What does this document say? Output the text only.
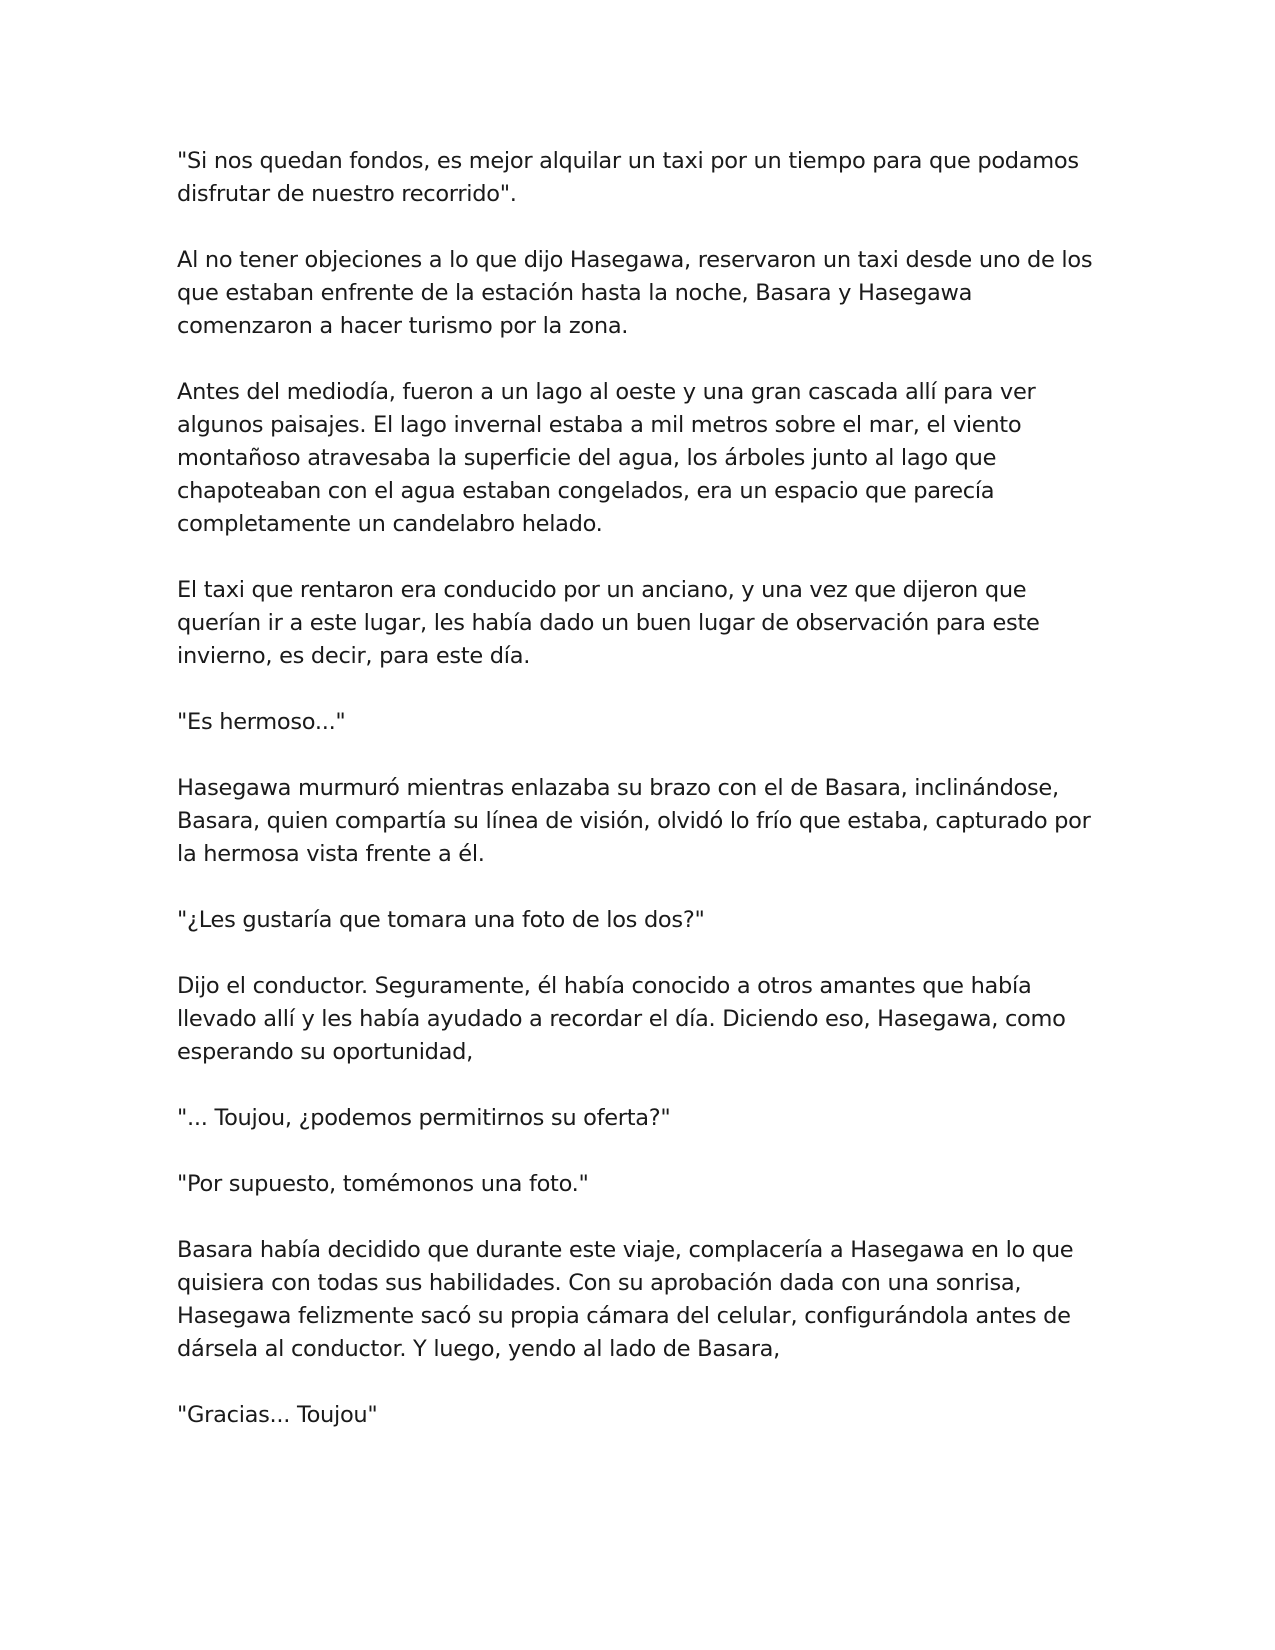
"Si nos quedan fondos, es mejor alquilar un taxi por un tiempo para que podamos
disfrutar de nuestro recorrido".

Al no tener objeciones a lo que dijo Hasegawa, reservaron un taxi desde uno de los
que estaban enfrente de la estación hasta la noche, Basara y Hasegawa
comenzaron a hacer turismo por la zona.

Antes del mediodía, fueron a un lago al oeste y una gran cascada allí para ver
algunos paisajes. El lago invernal estaba a mil metros sobre el mar, el viento
montañoso atravesaba la superficie del agua, los árboles junto al lago que
chapoteaban con el agua estaban congelados, era un espacio que parecía
completamente un candelabro helado.

El taxi que rentaron era conducido por un anciano, y una vez que dijeron que
querían ir a este lugar, les había dado un buen lugar de observación para este
invierno, es decir, para este día.

"Es hermoso..."

Hasegawa murmuró mientras enlazaba su brazo con el de Basara, inclinándose,
Basara, quien compartía su línea de visión, olvidó lo frío que estaba, capturado por
la hermosa vista frente a él.

"¿Les gustaría que tomara una foto de los dos?"

Dijo el conductor. Seguramente, él había conocido a otros amantes que había
llevado allí y les había ayudado a recordar el día. Diciendo eso, Hasegawa, como
esperando su oportunidad,

"... Toujou, ¿podemos permitirnos su oferta?"

"Por supuesto, tomémonos una foto."

Basara había decidido que durante este viaje, complacería a Hasegawa en lo que
quisiera con todas sus habilidades. Con su aprobación dada con una sonrisa,
Hasegawa felizmente sacó su propia cámara del celular, configurándola antes de
dársela al conductor. Y luego, yendo al lado de Basara,

"Gracias... Toujou"
